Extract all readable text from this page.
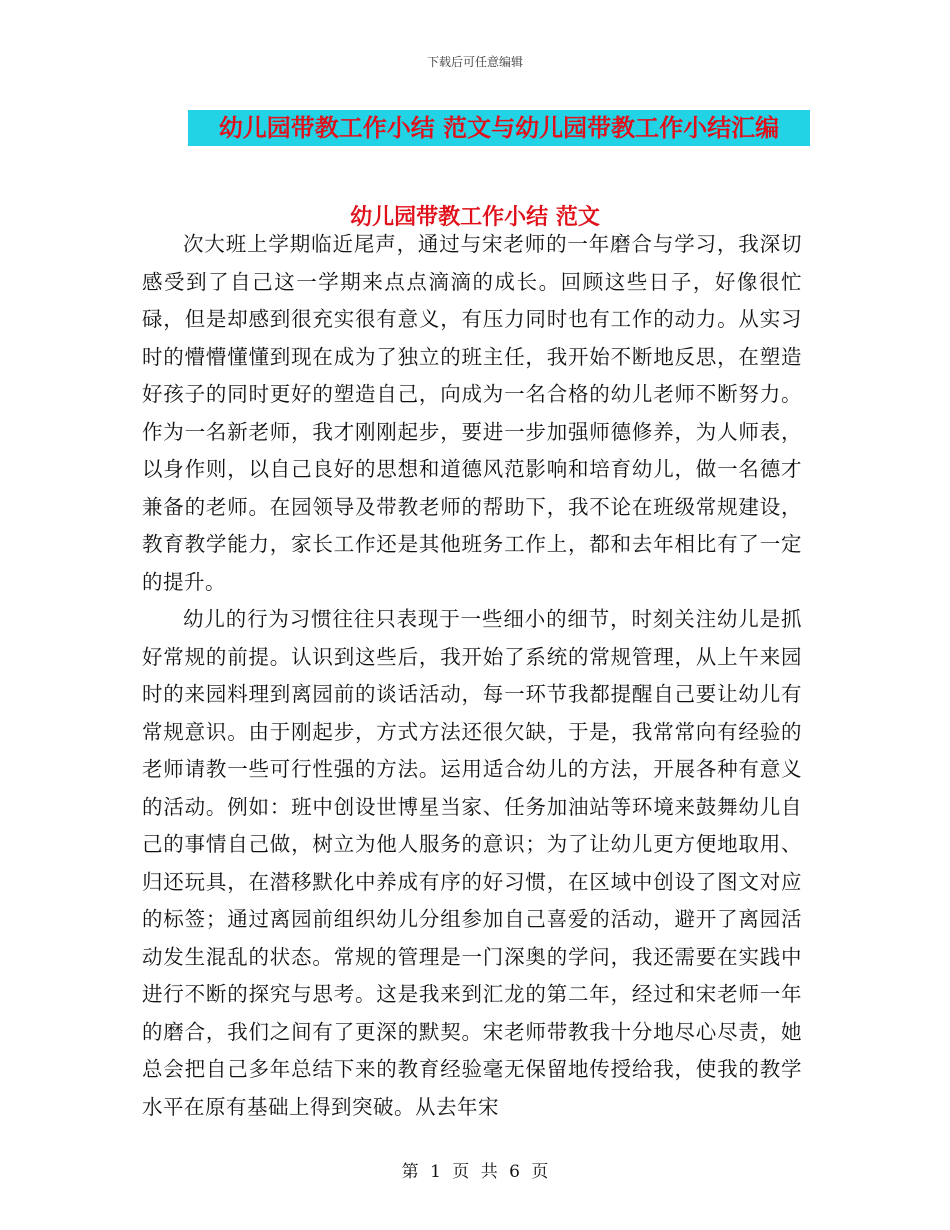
下载后可任意编辑
幼儿园带教工作小结 范文与幼儿园带教工作小结汇编
幼儿园带教工作小结 范文

次大班上学期临近尾声，通过与宋老师的一年磨合与学习，我深切感受到了自己这一学期来点点滴滴的成长。回顾这些日子，好像很忙碌，但是却感到很充实很有意义，有压力同时也有工作的动力。从实习时的懵懵懂懂到现在成为了独立的班主任，我开始不断地反思，在塑造好孩子的同时更好的塑造自己，向成为一名合格的幼儿老师不断努力。作为一名新老师，我才刚刚起步，要进一步加强师德修养，为人师表，以身作则，以自己良好的思想和道德风范影响和培育幼儿，做一名德才兼备的老师。在园领导及带教老师的帮助下，我不论在班级常规建设，教育教学能力，家长工作还是其他班务工作上，都和去年相比有了一定的提升。

幼儿的行为习惯往往只表现于一些细小的细节，时刻关注幼儿是抓好常规的前提。认识到这些后，我开始了系统的常规管理，从上午来园时的来园料理到离园前的谈话活动，每一环节我都提醒自己要让幼儿有常规意识。由于刚起步，方式方法还很欠缺，于是，我常常向有经验的老师请教一些可行性强的方法。运用适合幼儿的方法，开展各种有意义的活动。例如：班中创设世博星当家、任务加油站等环境来鼓舞幼儿自己的事情自己做，树立为他人服务的意识；为了让幼儿更方便地取用、归还玩具，在潜移默化中养成有序的好习惯，在区域中创设了图文对应的标签；通过离园前组织幼儿分组参加自己喜爱的活动，避开了离园活动发生混乱的状态。常规的管理是一门深奥的学问，我还需要在实践中进行不断的探究与思考。这是我来到汇龙的第二年，经过和宋老师一年的磨合，我们之间有了更深的默契。宋老师带教我十分地尽心尽责，她总会把自己多年总结下来的教育经验毫无保留地传授给我，使我的教学水平在原有基础上得到突破。从去年宋

第 1 页 共 6 页
